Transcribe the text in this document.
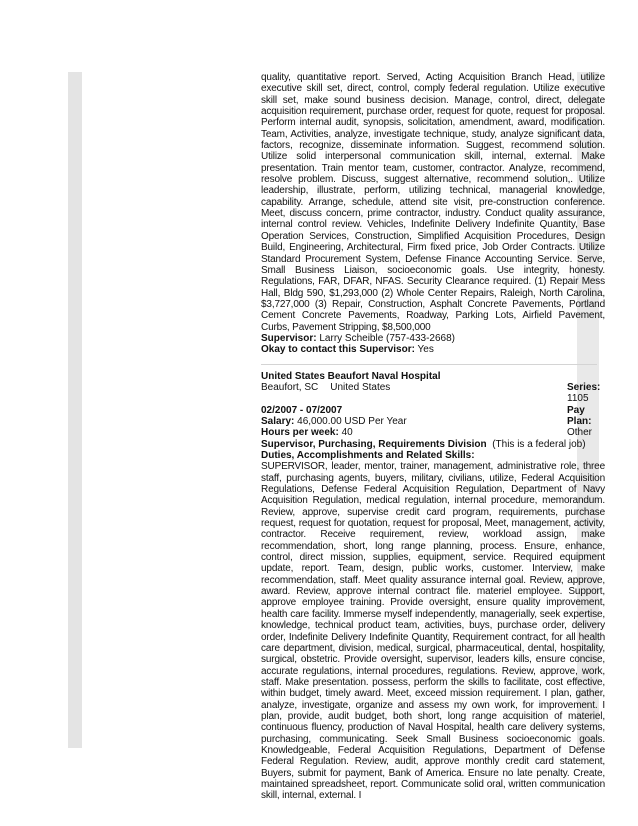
quality, quantitative report. Served, Acting Acquisition Branch Head, utilize executive skill set, direct, control, comply federal regulation. Utilize executive skill set, make sound business decision. Manage, control, direct, delegate acquisition requirement, purchase order, request for quote, request for proposal. Perform internal audit, synopsis, solicitation, amendment, award, modification. Team, Activities, analyze, investigate technique, study, analyze significant data, factors, recognize, disseminate information. Suggest, recommend solution. Utilize solid interpersonal communication skill, internal, external. Make presentation. Train mentor team, customer, contractor. Analyze, recommend, resolve problem. Discuss, suggest alternative, recommend solution,. Utilize leadership, illustrate, perform, utilizing technical, managerial knowledge, capability. Arrange, schedule, attend site visit, pre-construction conference. Meet, discuss concern, prime contractor, industry. Conduct quality assurance, internal control review. Vehicles, Indefinite Delivery Indefinite Quantity, Base Operation Services, Construction, Simplified Acquisition Procedures, Design Build, Engineering, Architectural, Firm fixed price, Job Order Contracts. Utilize Standard Procurement System, Defense Finance Accounting Service. Serve, Small Business Liaison, socioeconomic goals. Use integrity, honesty. Regulations, FAR, DFAR, NFAS. Security Clearance required. (1) Repair Mess Hall, Bldg 590, $1,293,000 (2) Whole Center Repairs, Raleigh, North Carolina, $3,727,000 (3) Repair, Construction, Asphalt Concrete Pavements, Portland Cement Concrete Pavements, Roadway, Parking Lots, Airfield Pavement, Curbs, Pavement Stripping, $8,500,000

Supervisor: Larry Scheible (757-433-2668)

Okay to contact this Supervisor: Yes

United States Beaufort Naval Hospital
Beaufort, SC United States	Series:
1105
02/2007 - 07/2007	Pay
Salary: 46,000.00 USD Per Year	Plan:
Hours per week: 40	Other
Supervisor, Purchasing, Requirements Division (This is a federal job)
Duties, Accomplishments and Related Skills:

SUPERVISOR, leader, mentor, trainer, management, administrative role, three staff, purchasing agents, buyers, military, civilians, utilize, Federal Acquisition Regulations, Defense Federal Acquisition Regulation, Department of Navy Acquisition Regulation, medical regulation, internal procedure, memorandum. Review, approve, supervise credit card program, requirements, purchase request, request for quotation, request for proposal, Meet, management, activity, contractor. Receive requirement, review, workload assign, make recommendation, short, long range planning, process. Ensure, enhance, control, direct mission, supplies, equipment, service. Required equipment update, report. Team, design, public works, customer. Interview, make recommendation, staff. Meet quality assurance internal goal. Review, approve, award. Review, approve internal contract file. materiel employee. Support, approve employee training. Provide oversight, ensure quality improvement, health care facility. Immerse myself independently, managerially, seek expertise, knowledge, technical product team, activities, buys, purchase order, delivery order, Indefinite Delivery Indefinite Quantity, Requirement contract, for all health care department, division, medical, surgical, pharmaceutical, dental, hospitality, surgical, obstetric. Provide oversight, supervisor, leaders kills, ensure concise, accurate regulations, internal procedures, regulations. Review, approve, work, staff. Make presentation. possess, perform the skills to facilitate, cost effective, within budget, timely award. Meet, exceed mission requirement. I plan, gather, analyze, investigate, organize and assess my own work, for improvement. I plan, provide, audit budget, both short, long range acquisition of materiel, continuous fluency, production of Naval Hospital, health care delivery systems, purchasing, communicating. Seek Small Business socioeconomic goals. Knowledgeable, Federal Acquisition Regulations, Department of Defense Federal Regulation. Review, audit, approve monthly credit card statement, Buyers, submit for payment, Bank of America. Ensure no late penalty. Create, maintained spreadsheet, report. Communicate solid oral, written communication skill, internal, external. I
